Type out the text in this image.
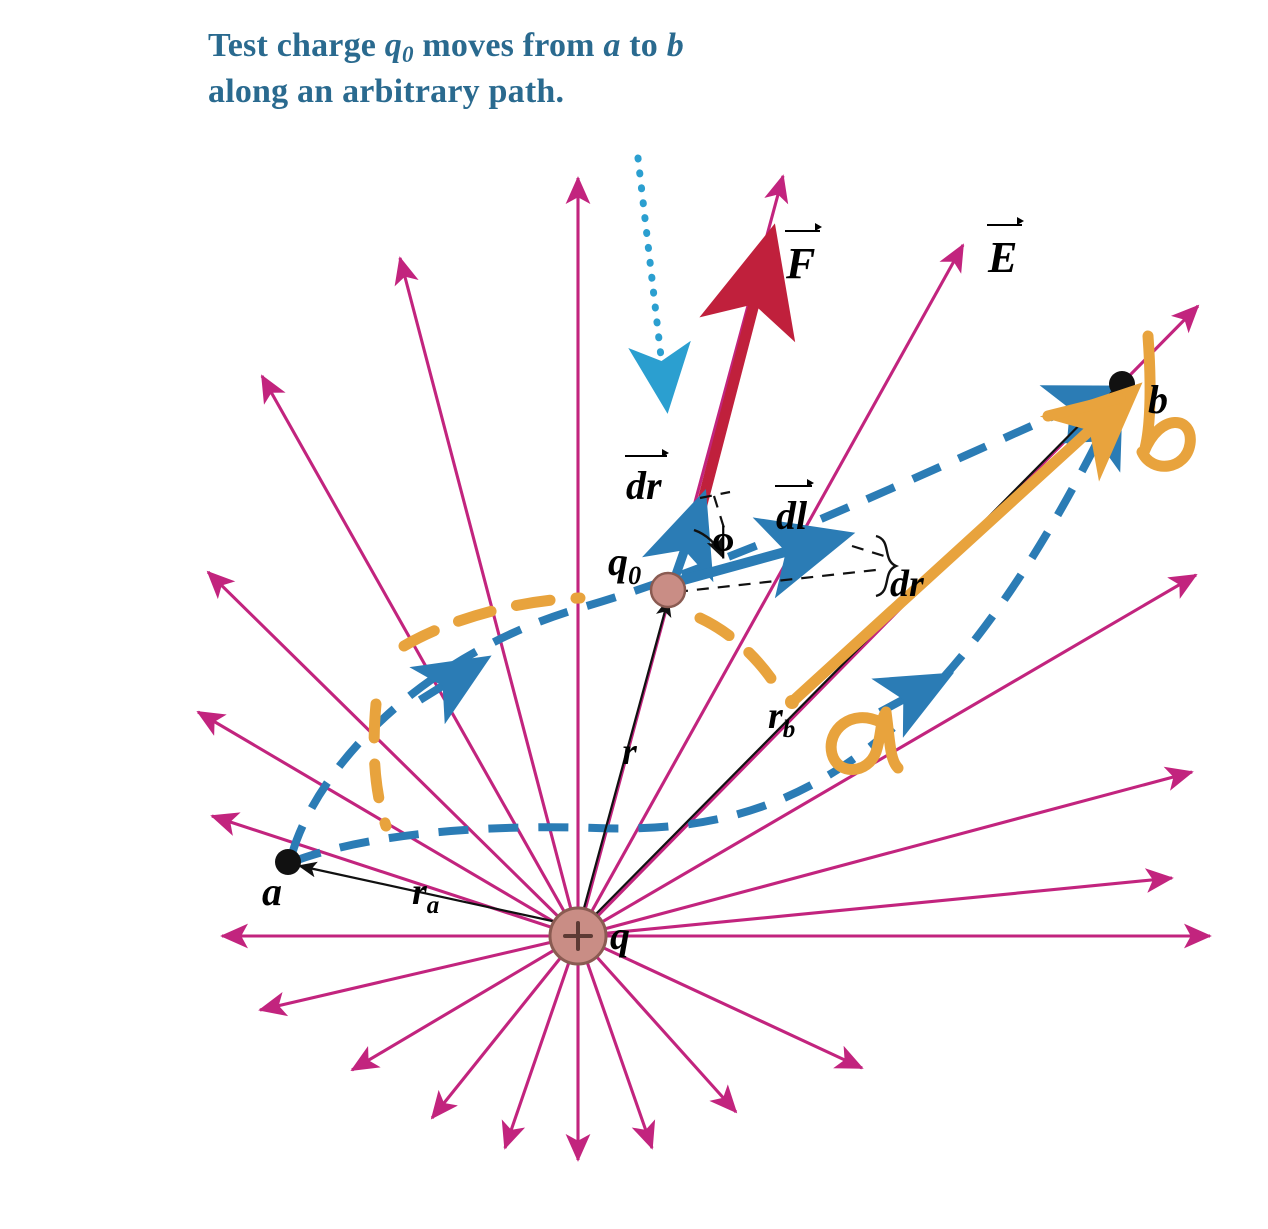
Test charge $q_0$ moves from a to b
along an arbitrary path.
F	E
dr
dl
$q_0$
ϕ
r
$r_a$
$r_b$
dr
a
b
q
